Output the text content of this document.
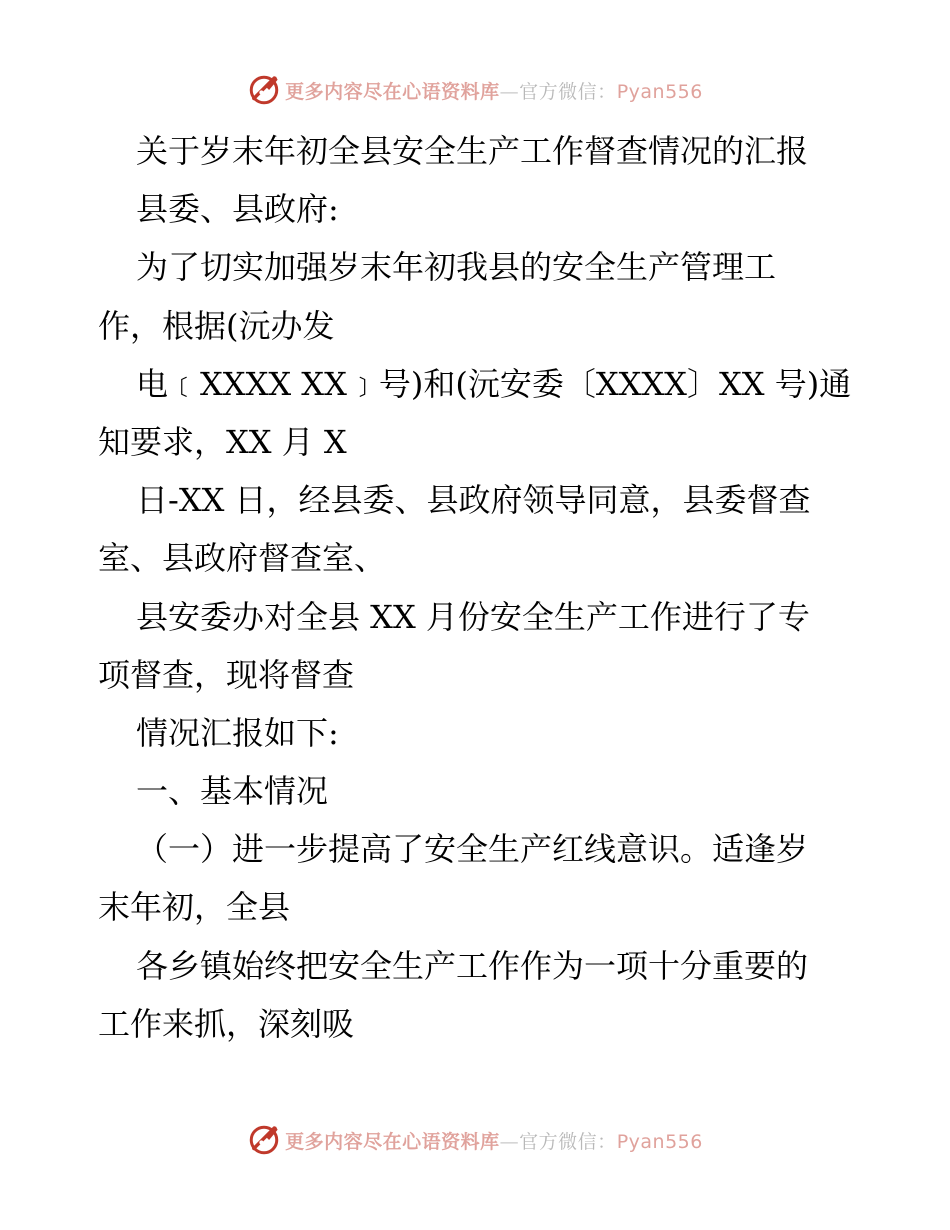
更多内容尽在心语资料库—官方微信：Pyan556
关于岁末年初全县安全生产工作督查情况的汇报
县委、县政府:
为了切实加强岁末年初我县的安全生产管理工
作，根据(沅办发
电﹝XXXX XX﹞号)和(沅安委〔XXXX〕XX 号)通
知要求，XX 月 X
日-XX 日，经县委、县政府领导同意，县委督查
室、县政府督查室、
县安委办对全县 XX 月份安全生产工作进行了专
项督查，现将督查
情况汇报如下:
一、基本情况
（一）进一步提高了安全生产红线意识。适逢岁
末年初，全县
各乡镇始终把安全生产工作作为一项十分重要的
工作来抓，深刻吸
更多内容尽在心语资料库—官方微信：Pyan556
